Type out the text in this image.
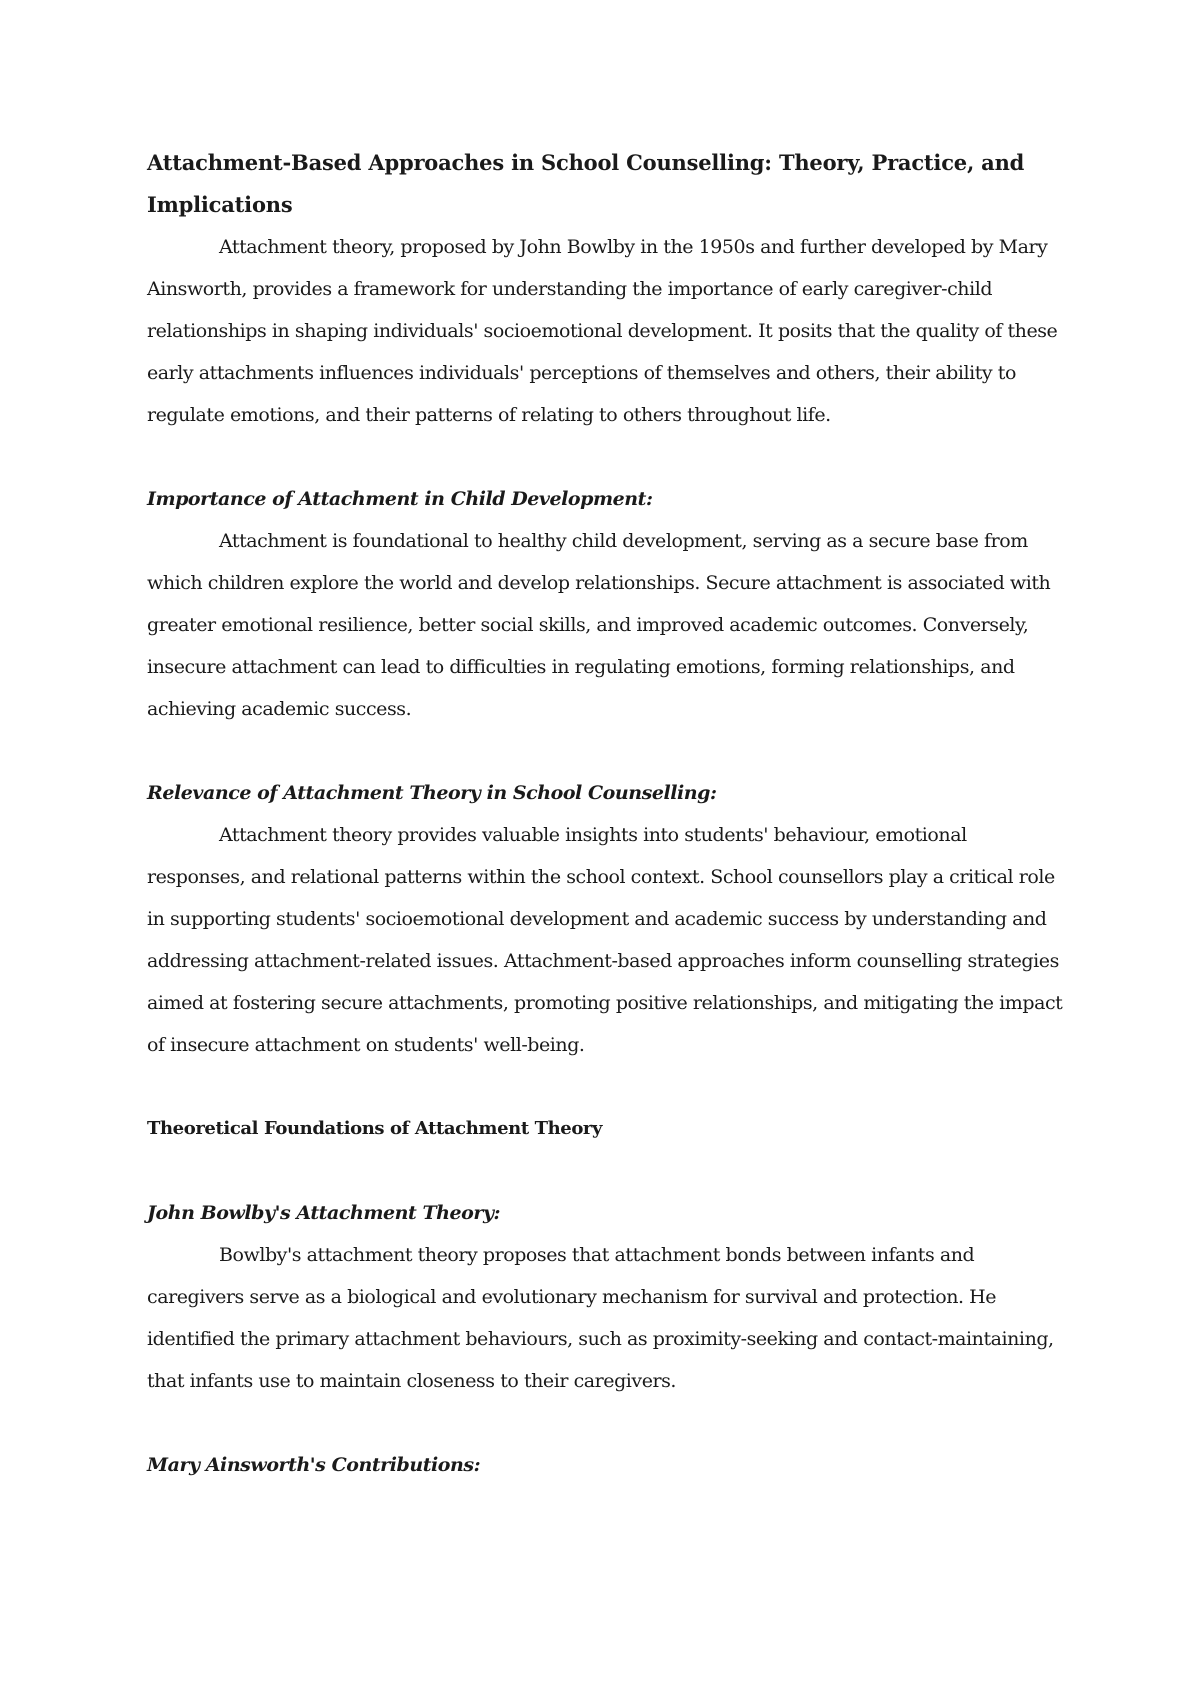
Attachment-Based Approaches in School Counselling: Theory, Practice, and Implications

Attachment theory, proposed by John Bowlby in the 1950s and further developed by Mary Ainsworth, provides a framework for understanding the importance of early caregiver-child relationships in shaping individuals' socioemotional development. It posits that the quality of these early attachments influences individuals' perceptions of themselves and others, their ability to regulate emotions, and their patterns of relating to others throughout life.

Importance of Attachment in Child Development:

Attachment is foundational to healthy child development, serving as a secure base from which children explore the world and develop relationships. Secure attachment is associated with greater emotional resilience, better social skills, and improved academic outcomes. Conversely, insecure attachment can lead to difficulties in regulating emotions, forming relationships, and achieving academic success.

Relevance of Attachment Theory in School Counselling:

Attachment theory provides valuable insights into students' behaviour, emotional responses, and relational patterns within the school context. School counsellors play a critical role in supporting students' socioemotional development and academic success by understanding and addressing attachment-related issues. Attachment-based approaches inform counselling strategies aimed at fostering secure attachments, promoting positive relationships, and mitigating the impact of insecure attachment on students' well-being.

Theoretical Foundations of Attachment Theory
John Bowlby's Attachment Theory:

Bowlby's attachment theory proposes that attachment bonds between infants and caregivers serve as a biological and evolutionary mechanism for survival and protection. He identified the primary attachment behaviours, such as proximity-seeking and contact-maintaining, that infants use to maintain closeness to their caregivers.

Mary Ainsworth's Contributions:
